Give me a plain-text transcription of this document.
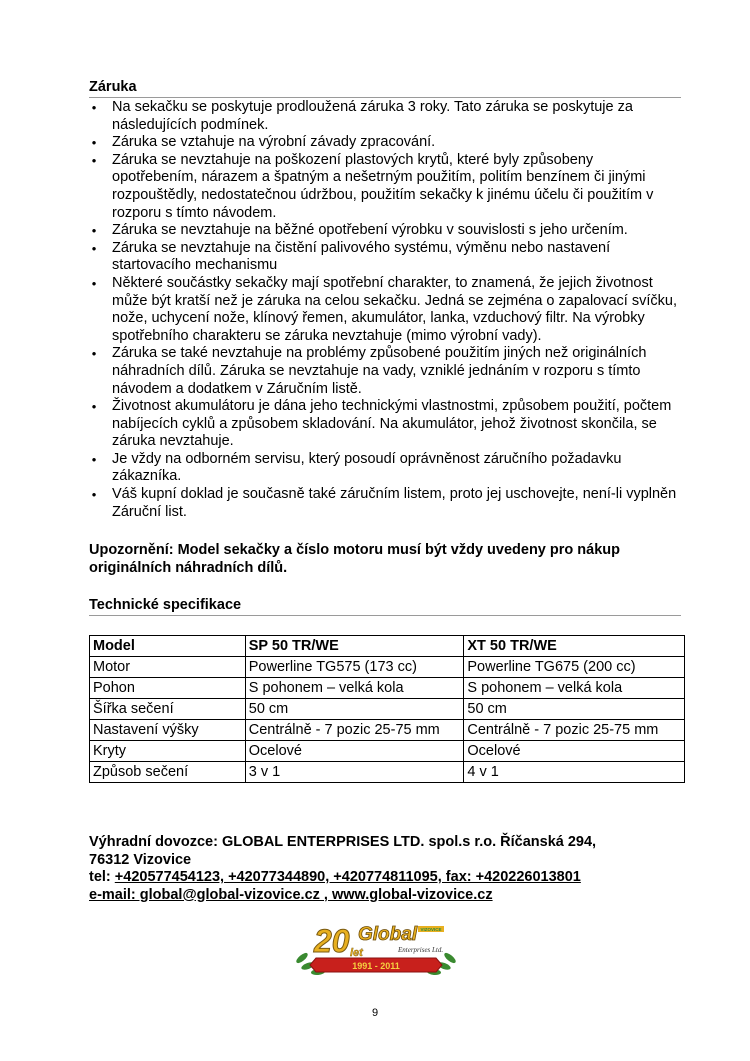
Záruka
• Na sekačku se poskytuje prodloužená záruka 3 roky. Tato záruka se poskytuje za následujících podmínek.
• Záruka se vztahuje na výrobní závady zpracování.
• Záruka se nevztahuje na poškození plastových krytů, které byly způsobeny opotřebením, nárazem a špatným a nešetrným použitím, politím benzínem či jinými rozpouštědly, nedostatečnou údržbou, použitím sekačky k jinému účelu či použitím v rozporu s tímto návodem.
• Záruka se nevztahuje na běžné opotřebení výrobku v souvislosti s jeho určením.
• Záruka se nevztahuje na čistění palivového systému, výměnu nebo nastavení startovacího mechanismu
• Některé součástky sekačky mají spotřební charakter, to znamená, že jejich životnost může být kratší než je záruka na celou sekačku. Jedná se zejména o zapalovací svíčku, nože, uchycení nože, klínový řemen, akumulátor, lanka, vzduchový filtr. Na výrobky spotřebního charakteru se záruka nevztahuje (mimo výrobní vady).
• Záruka se také nevztahuje na problémy způsobené použitím jiných než originálních náhradních dílů. Záruka se nevztahuje na vady, vzniklé jednáním v rozporu s tímto návodem a dodatkem v Záručním listě.
• Životnost akumulátoru je dána jeho technickými vlastnostmi, způsobem použití, počtem nabíjecích cyklů a způsobem skladování. Na akumulátor, jehož životnost skončila, se záruka nevztahuje.
• Je vždy na odborném servisu, který posoudí oprávněnost záručního požadavku zákazníka.
• Váš kupní doklad je současně také záručním listem, proto jej uschovejte, není-li vyplněn Záruční list.
Upozornění: Model sekačky a číslo motoru musí být vždy uvedeny pro nákup originálních náhradních dílů.
Technické specifikace
Model	SP 50 TR/WE	XT 50 TR/WE
Motor	Powerline TG575 (173 cc)	Powerline TG675 (200 cc)
Pohon	S pohonem – velká kola	S pohonem – velká kola
Šířka sečení	50 cm	50 cm
Nastavení výšky	Centrálně - 7 pozic 25-75 mm	Centrálně - 7 pozic 25-75 mm
Kryty	Ocelové	Ocelové
Způsob sečení	3 v 1	4 v 1
Výhradní dovozce: GLOBAL ENTERPRISES LTD. spol.s r.o. Říčanská 294,
76312 Vizovice
tel: +420577454123, +42077344890, +420774811095, fax: +420226013801
e-mail: global@global-vizovice.cz , www.global-vizovice.cz
1991 - 2011
20 let
Global VIZOVICE
Enterprises Ltd.
9
